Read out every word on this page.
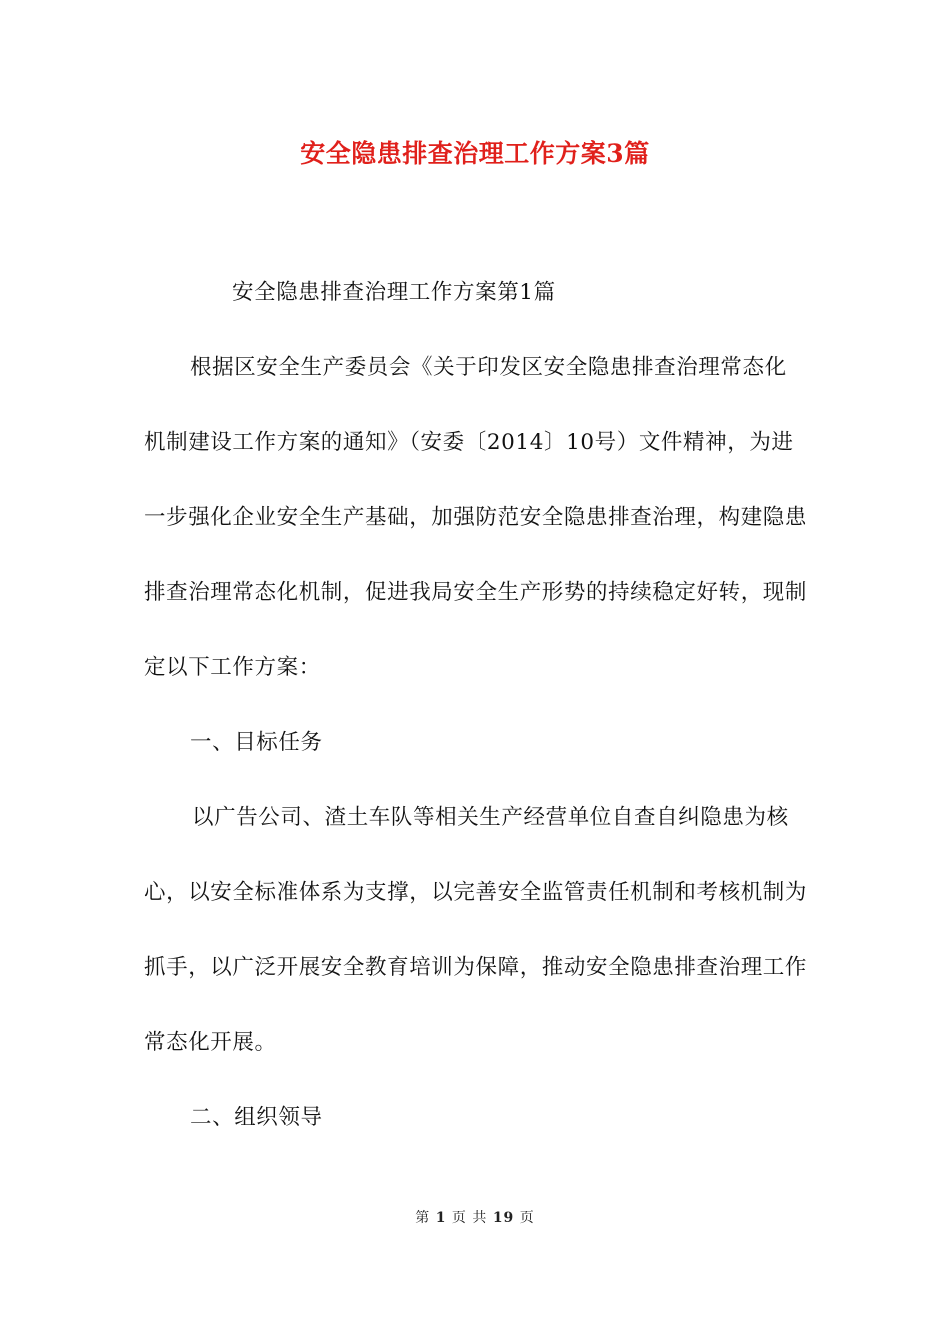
安全隐患排查治理工作方案3篇

安全隐患排查治理工作方案第1篇

根据区安全生产委员会《关于印发区安全隐患排查治理常态化机制建设工作方案的通知》（安委〔2014〕10号）文件精神，为进一步强化企业安全生产基础，加强防范安全隐患排查治理，构建隐患排查治理常态化机制，促进我局安全生产形势的持续稳定好转，现制定以下工作方案：

一、目标任务

以广告公司、渣土车队等相关生产经营单位自查自纠隐患为核心，以安全标准体系为支撑，以完善安全监管责任机制和考核机制为抓手，以广泛开展安全教育培训为保障，推动安全隐患排查治理工作常态化开展。

二、组织领导

第 1 页 共 19 页
